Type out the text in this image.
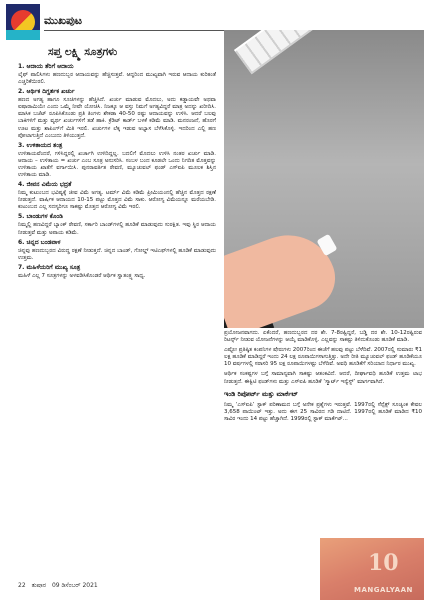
ಮುಖಪುಟ
ಸಪ್ತ ಲಕ್ಷ್ಮಿ ಸೂತ್ರಗಳು
1. ಆದಾಯ ತೆರಿಗೆ ಆದಾಯ

ಲೈಫ್ ಪಾಲಿಸಿಗಳು ಹಣದುಬ್ಬರ ಆದಾಯವನ್ನು ಹೆಚ್ಚಿಸುತ್ತವೆ. ಆದ್ದರಿಂದ ಮುಖ್ಯವಾಗಿ ಇರುವ ಆದಾಯ ಕುರಿತಂತೆ ಎಚ್ಚರಿಕೆಯಿರಲಿ.

2. ಆರ್ಥಿಕ ದಿಗ್ದರ್ಶಕ ಖರ್ಚು

ಹಣದ ಅಗತ್ಯ ಹಾಗೂ ಸೂಚಿಗಳನ್ನು ಹೆಚ್ಚಿಸಿದೆ. ಖರ್ಚು ಮಾಡುವ ಮೊದಲು, ಅದು ಕಡ್ಡಾಯವೇ ಅಥವಾ ಐಷಾರಾಮಿಯೇ ಎಂದು ಒಮ್ಮೆ ನೀವೇ ಯೋಚಿಸಿ. ನಿಜಕ್ಕೂ ಆ ವಸ್ತು ನಿಮಗೆ ಅಗತ್ಯವಿದ್ದರೆ ಮಾತ್ರ ಅದನ್ನು ಖರೀದಿಸಿ. ಮಾಸಿಕ ಬಜೆಟ್ ರೂಪಿಸಿಕೊಂಡು ಪ್ರತಿ ತಿಂಗಳು ಶೇಕಡಾ 40-50 ರಷ್ಟು ಆದಾಯವನ್ನು ಉಳಿಸಿ. ಆದರೆ ಬಲವು ಬಾಕಿಗಳಿಗೆ ಮತ್ತು ವ್ಯರ್ಥ ಖರ್ಚುಗಳಿಗೆ ತಡೆ ಹಾಕಿ. ಕ್ರೆಡಿಟ್ ಕಾರ್ಡ್ ಬಳಕೆ ಕಡಿಮೆ ಮಾಡಿ. ಮನರಂಜನೆ, ಹೊರಗೆ ಊಟ ಮತ್ತು ಶಾಪಿಂಗ್‌ಗೆ ಮಿತಿ ಇರಲಿ. ಖರ್ಚುಗಳ ಲೆಕ್ಕ ಇಡುವ ಅಭ್ಯಾಸ ಬೆಳೆಸಿಕೊಳ್ಳಿ. ಇದರಿಂದ ಎಲ್ಲಿ ಹಣ ಪೋಲಾಗುತ್ತಿದೆ ಎಂಬುದು ತಿಳಿಯುತ್ತದೆ.

3. ಉಳಿತಾಯದ ತಂತ್ರ

ಉಳಿತಾಯವೆಂದರೆ, ಗಳಿಸಿದ್ದರಲ್ಲಿ ಖರ್ಚಾಗಿ ಉಳಿದಿದ್ದಲ್ಲ. ಬದಲಿಗೆ ಮೊದಲು ಉಳಿಸಿ ನಂತರ ಖರ್ಚು ಮಾಡಿ. ಆದಾಯ – ಉಳಿತಾಯ = ಖರ್ಚು ಎಂಬ ಸೂತ್ರ ಅನುಸರಿಸಿ. ಸಂಬಳ ಬಂದ ಕೂಡಲೇ ಒಂದು ನಿಗದಿತ ಮೊತ್ತವನ್ನು ಉಳಿತಾಯ ಖಾತೆಗೆ ವರ್ಗಾಯಿಸಿ. ಪುನರಾವರ್ತಿತ ಠೇವಣಿ, ಮ್ಯೂಚುವಲ್ ಫಂಡ್ ಎಸ್‌ಐಪಿ ಮೂಲಕ ಶಿಸ್ತಿನ ಉಳಿತಾಯ ಮಾಡಿ.

4. ಜೀವನ ವಿಮೆಯ ಭದ್ರತೆ

ನಿಮ್ಮ ಕುಟುಂಬದ ಭವಿಷ್ಯಕ್ಕೆ ಜೀವ ವಿಮೆ ಅಗತ್ಯ. ಟರ್ಮ್ ವಿಮೆ ಕಡಿಮೆ ಪ್ರೀಮಿಯಂನಲ್ಲಿ ಹೆಚ್ಚಿನ ಮೊತ್ತದ ರಕ್ಷಣೆ ನೀಡುತ್ತದೆ. ವಾರ್ಷಿಕ ಆದಾಯದ 10-15 ಪಟ್ಟು ಮೊತ್ತದ ವಿಮೆ ಸಾಕು. ಆರೋಗ್ಯ ವಿಮೆಯನ್ನೂ ಮರೆಯಬೇಡಿ. ಕುಟುಂಬದ ಎಲ್ಲ ಸದಸ್ಯರಿಗೂ ಸಾಕಷ್ಟು ಮೊತ್ತದ ಆರೋಗ್ಯ ವಿಮೆ ಇರಲಿ.

5. ಬಾಂಡುಗಳ ಕೊಂಡಿ

ನಿಮ್ಮಲ್ಲಿ ಹಣವಿದ್ದರೆ ಬ್ಯಾಂಕ್ ಠೇವಣಿ, ಸರ್ಕಾರಿ ಬಾಂಡ್‌ಗಳಲ್ಲಿ ಹೂಡಿಕೆ ಮಾಡುವುದು ಸುರಕ್ಷಿತ. ಇವು ಸ್ಥಿರ ಆದಾಯ ನೀಡುತ್ತವೆ ಮತ್ತು ಅಪಾಯ ಕಡಿಮೆ.

6. ಚಿನ್ನದ ಬಂಡವಾಳ

ಚಿನ್ನವು ಹಣದುಬ್ಬರದ ವಿರುದ್ಧ ರಕ್ಷಣೆ ನೀಡುತ್ತದೆ. ಚಿನ್ನದ ಬಾಂಡ್, ಗೋಲ್ಡ್ ಇಟಿಎಫ್‌ಗಳಲ್ಲಿ ಹೂಡಿಕೆ ಮಾಡುವುದು ಉತ್ತಮ.

7. ಮಹಿಳೆಯರಿಗೆ ಮುಖ್ಯ ಸೂತ್ರ

ಮಹಿಳೆ ಎಲ್ಲ 7 ಸೂತ್ರಗಳನ್ನು ಅಳವಡಿಸಿಕೊಂಡರೆ ಆರ್ಥಿಕ ಸ್ವಾತಂತ್ರ್ಯ ಸಾಧ್ಯ.

ಪ್ರಯೋಜನವಾಗದು. ಏಕೆಂದರೆ, ಹಣದುಬ್ಬರದ ದರ ಶೇ. 7-8ರಷ್ಟಿದ್ದರೆ, ಬಡ್ಡಿ ದರ ಶೇ. 10-12ರಷ್ಟಿರುವ ರಿಟರ್ನ್ಸ್ ನೀಡುವ ಯೋಜನೆಗಳನ್ನು ಆಯ್ಕೆ ಮಾಡಿಕೊಳ್ಳಿ. ಎಲ್ಲವನ್ನು ಸಾಕಷ್ಟು ತಿಳಿದುಕೊಂಡು ಹೂಡಿಕೆ ಮಾಡಿ.

ಎಷ್ಟೋ ಪ್ರತಿಷ್ಠಿತ ಕಂಪನಿಗಳ ಷೇರುಗಳು 2007ರಿಂದ ಈಚೆಗೆ ಹಲವು ಪಟ್ಟು ಬೆಳೆದಿವೆ. 2007ರಲ್ಲಿ ಸುಮಾರು ₹1 ಲಕ್ಷ ಹೂಡಿಕೆ ಮಾಡಿದ್ದರೆ ಇಂದು 24 ಲಕ್ಷ ರೂಪಾಯಿಗಳಾಗುತ್ತಿತ್ತು. ಅದೇ ರೀತಿ ಮ್ಯೂಚುವಲ್ ಫಂಡ್ ಹೂಡಿಕೆಯೂ 10 ವರ್ಷಗಳಲ್ಲಿ ಸರಾಸರಿ 95 ಲಕ್ಷ ರೂಪಾಯಿಗಳಷ್ಟು ಬೆಳೆದಿವೆ. ಅವಧಿ ಹೂಡಿಕೆಗೆ ಸರಿಯಾದ ನಿರ್ಧಾರ ಮುಖ್ಯ.

ಆರ್ಥಿಕ ಸಂಕಷ್ಟಗಳ ಬಗ್ಗೆ ಸಾಮಾನ್ಯವಾಗಿ ಸಾಕಷ್ಟು ಆತಂಕವಿದೆ. ಆದರೆ, ದೀರ್ಘಾವಧಿ ಹೂಡಿಕೆ ಉತ್ತಮ ಲಾಭ ನೀಡುತ್ತದೆ. ಈಕ್ವಿಟಿ ಫಂಡ್‌ಗಳು ಮತ್ತು ಎಸ್‌ಐಪಿ ಹೂಡಿಕೆ ‘ಸ್ಮಾರ್ಟ್ ಇನ್ವೆಸ್ಟ್’ ಮಾರ್ಗವಾಗಿದೆ.

ಇಂಡಿ ರಿಪೋರ್ಟ್ ಮತ್ತು ಮಾರ್ಕೆಟ್

ನಿಮ್ಮ ‘ಎಸ್‌ಐಪಿ’ ಸ್ಟಾಕ್ ಪರಿಣಾಮದ ಬಗ್ಗೆ ಅನೇಕ ಪ್ರಶ್ನೆಗಳು ಇರುತ್ತವೆ. 1997ರಲ್ಲಿ ಸೆನ್ಸೆಕ್ಸ್ ಸೂಚ್ಯಂಕ ಕೇವಲ 3,658 ಪಾಯಿಂಟ್ ಇತ್ತು. ಅದು ಈಗ 25 ಸಾವಿರದ ಗಡಿ ದಾಟಿದೆ. 1997ರಲ್ಲಿ ಹೂಡಿಕೆ ಮಾಡಿದ ₹10 ಸಾವಿರ ಇಂದು 14 ಪಟ್ಟು ಹೆಚ್ಚಾಗಿದೆ. 1999ರಲ್ಲಿ ಸ್ಟಾಕ್ ಮಾರ್ಕೆಟ್...

10
MANGALYAAN
22 ತುಷಾರ 09 ಡಿಸೆಂಬರ್ 2021
